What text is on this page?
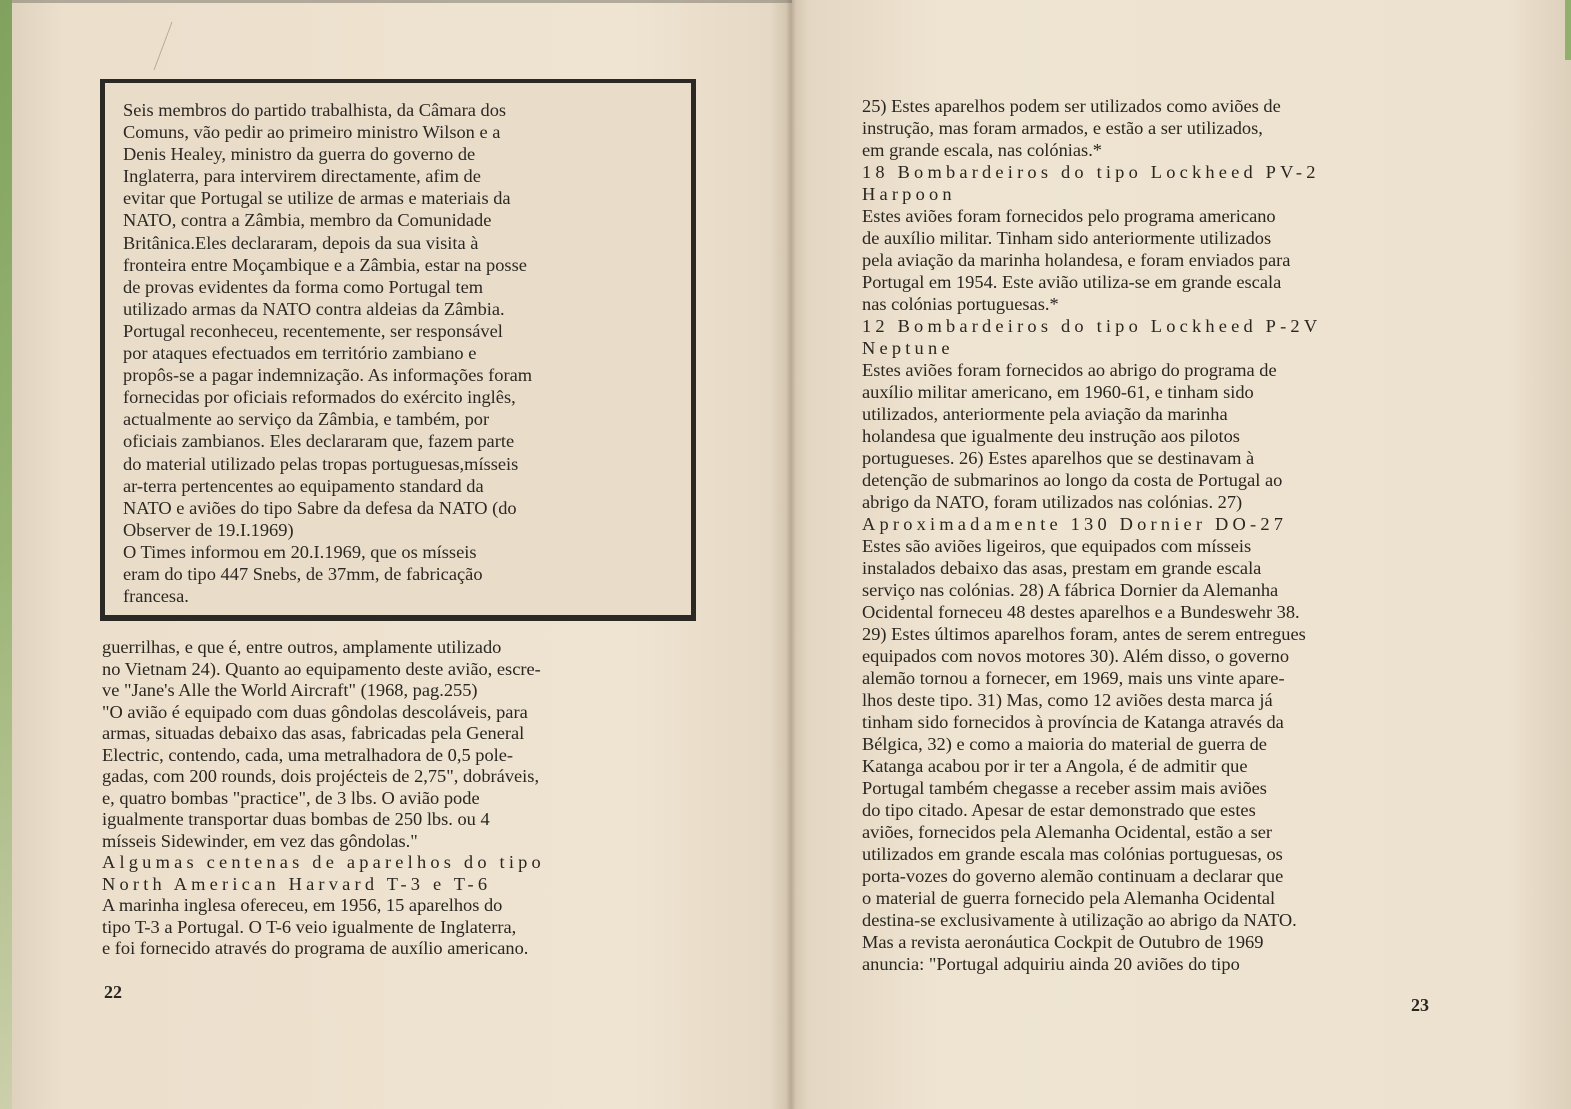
Seis membros do partido trabalhista, da Câmara dos
Comuns, vão pedir ao primeiro ministro Wilson e a
Denis Healey, ministro da guerra do governo de
Inglaterra, para intervirem directamente, afim de
evitar que Portugal se utilize de armas e materiais da
NATO, contra a Zâmbia, membro da Comunidade
Britânica.Eles declararam, depois da sua visita à
fronteira entre Moçambique e a Zâmbia, estar na posse
de provas evidentes da forma como Portugal tem
utilizado armas da NATO contra aldeias da Zâmbia.
Portugal reconheceu, recentemente, ser responsável
por ataques efectuados em território zambiano e
propôs-se a pagar indemnização. As informações foram
fornecidas por oficiais reformados do exército inglês,
actualmente ao serviço da Zâmbia, e também, por
oficiais zambianos. Eles declararam que, fazem parte
do material utilizado pelas tropas portuguesas,mísseis
ar-terra pertencentes ao equipamento standard da
NATO e aviões do tipo Sabre da defesa da NATO (do
Observer de 19.I.1969)
O Times informou em 20.I.1969, que os mísseis
eram do tipo 447 Snebs, de 37mm, de fabricação
francesa.
guerrilhas, e que é, entre outros, amplamente utilizado
no Vietnam 24). Quanto ao equipamento deste avião, escre-
ve "Jane's Alle the World Aircraft" (1968, pag.255)
"O avião é equipado com duas gôndolas descoláveis, para
armas, situadas debaixo das asas, fabricadas pela General
Electric, contendo, cada, uma metralhadora de 0,5 pole-
gadas, com 200 rounds, dois projécteis de 2,75", dobráveis,
e, quatro bombas "practice", de 3 lbs. O avião pode
igualmente transportar duas bombas de 250 lbs. ou 4
mísseis Sidewinder, em vez das gôndolas."
Algumas centenas de aparelhos do tipo
North American Harvard T-3 e T-6
A marinha inglesa ofereceu, em 1956, 15 aparelhos do
tipo T-3 a Portugal. O T-6 veio igualmente de Inglaterra,
e foi fornecido através do programa de auxílio americano.
22
25) Estes aparelhos podem ser utilizados como aviões de
instrução, mas foram armados, e estão a ser utilizados,
em grande escala, nas colónias.*
18 Bombardeiros do tipo Lockheed PV-2
Harpoon
Estes aviões foram fornecidos pelo programa americano
de auxílio militar. Tinham sido anteriormente utilizados
pela aviação da marinha holandesa, e foram enviados para
Portugal em 1954. Este avião utiliza-se em grande escala
nas colónias portuguesas.*
12 Bombardeiros do tipo Lockheed P-2V
Neptune
Estes aviões foram fornecidos ao abrigo do programa de
auxílio militar americano, em 1960-61, e tinham sido
utilizados, anteriormente pela aviação da marinha
holandesa que igualmente deu instrução aos pilotos
portugueses. 26) Estes aparelhos que se destinavam à
detenção de submarinos ao longo da costa de Portugal ao
abrigo da NATO, foram utilizados nas colónias. 27)
Aproximadamente 130 Dornier DO-27
Estes são aviões ligeiros, que equipados com mísseis
instalados debaixo das asas, prestam em grande escala
serviço nas colónias. 28) A fábrica Dornier da Alemanha
Ocidental forneceu 48 destes aparelhos e a Bundeswehr 38.
29) Estes últimos aparelhos foram, antes de serem entregues
equipados com novos motores 30). Além disso, o governo
alemão tornou a fornecer, em 1969, mais uns vinte apare-
lhos deste tipo. 31) Mas, como 12 aviões desta marca já
tinham sido fornecidos à província de Katanga através da
Bélgica, 32) e como a maioria do material de guerra de
Katanga acabou por ir ter a Angola, é de admitir que
Portugal também chegasse a receber assim mais aviões
do tipo citado. Apesar de estar demonstrado que estes
aviões, fornecidos pela Alemanha Ocidental, estão a ser
utilizados em grande escala mas colónias portuguesas, os
porta-vozes do governo alemão continuam a declarar que
o material de guerra fornecido pela Alemanha Ocidental
destina-se exclusivamente à utilização ao abrigo da NATO.
Mas a revista aeronáutica Cockpit de Outubro de 1969
anuncia: "Portugal adquiriu ainda 20 aviões do tipo
23
